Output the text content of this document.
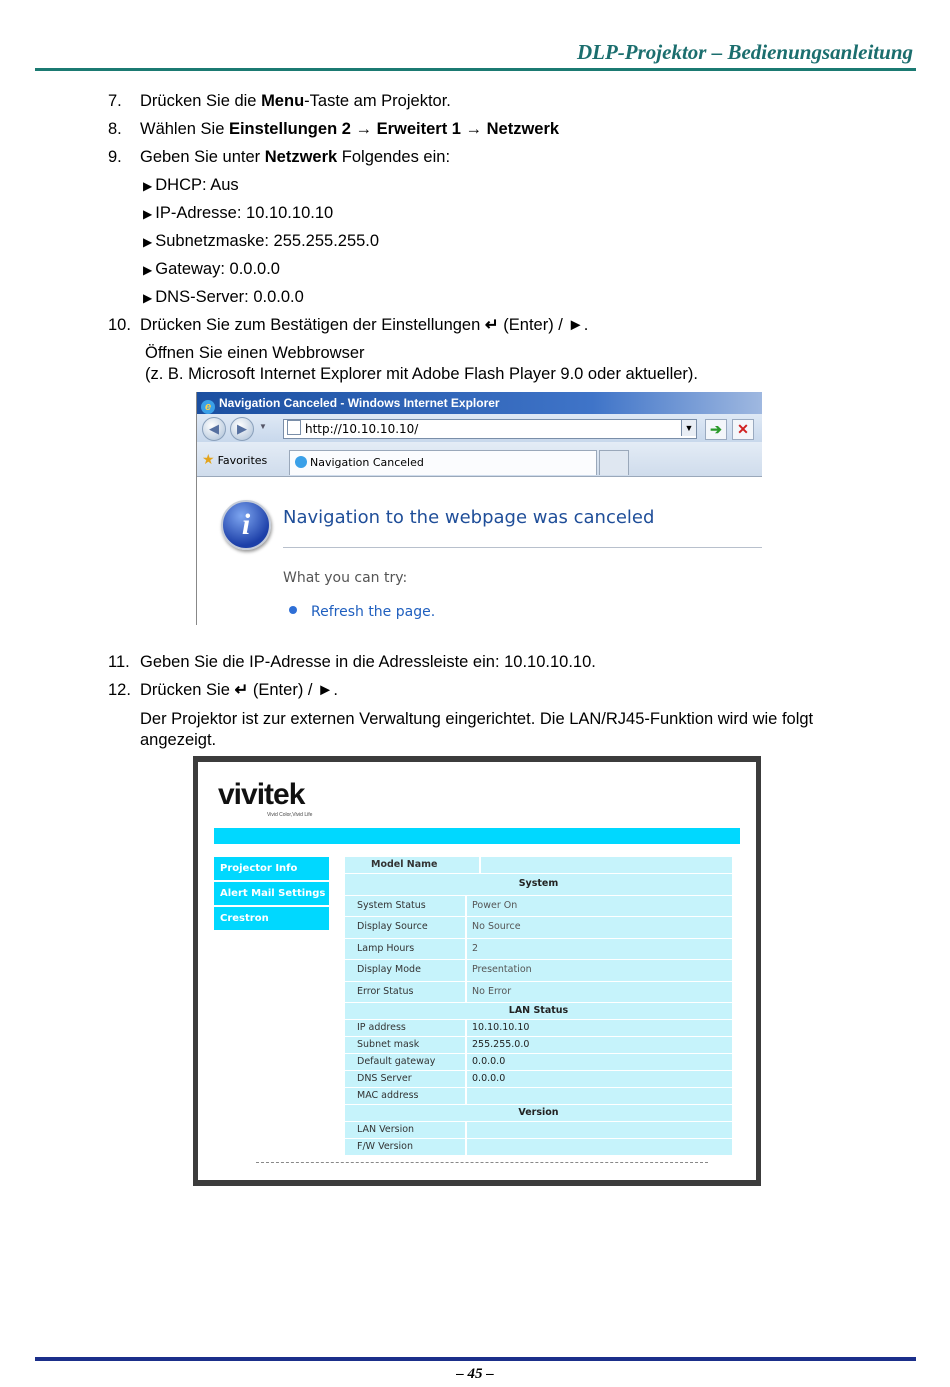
DLP-Projektor – Bedienungsanleitung
7. Drücken Sie die Menu-Taste am Projektor.
8. Wählen Sie Einstellungen 2 → Erweitert 1 → Netzwerk
9. Geben Sie unter Netzwerk Folgendes ein:
▶ DHCP: Aus
▶ IP-Adresse: 10.10.10.10
▶ Subnetzmaske: 255.255.255.0
▶ Gateway: 0.0.0.0
▶ DNS-Server: 0.0.0.0
10. Drücken Sie zum Bestätigen der Einstellungen ↵ (Enter) / ►.
Öffnen Sie einen Webbrowser
(z. B. Microsoft Internet Explorer mit Adobe Flash Player 9.0 oder aktueller).
e Navigation Canceled - Windows Internet Explorer
◀	▶	▼	http://10.10.10.10/	▼	➔	✕
★ Favorites	Navigation Canceled
i	Navigation to the webpage was canceled
What you can try:
Refresh the page.
11. Geben Sie die IP-Adresse in die Adressleiste ein: 10.10.10.10.
12. Drücken Sie ↵ (Enter) / ►.
Der Projektor ist zur externen Verwaltung eingerichtet. Die LAN/RJ45-Funktion wird wie folgt
angezeigt.
vivitek
Vivid Color,Vivid Life
Projector Info
Alert Mail Settings
Crestron
Model Name
System
System Status	Power On
Display Source	No Source
Lamp Hours	2
Display Mode	Presentation
Error Status	No Error
LAN Status
IP address	10.10.10.10
Subnet mask	255.255.0.0
Default gateway	0.0.0.0
DNS Server	0.0.0.0
MAC address
Version
LAN Version
F/W Version
– 45 –
